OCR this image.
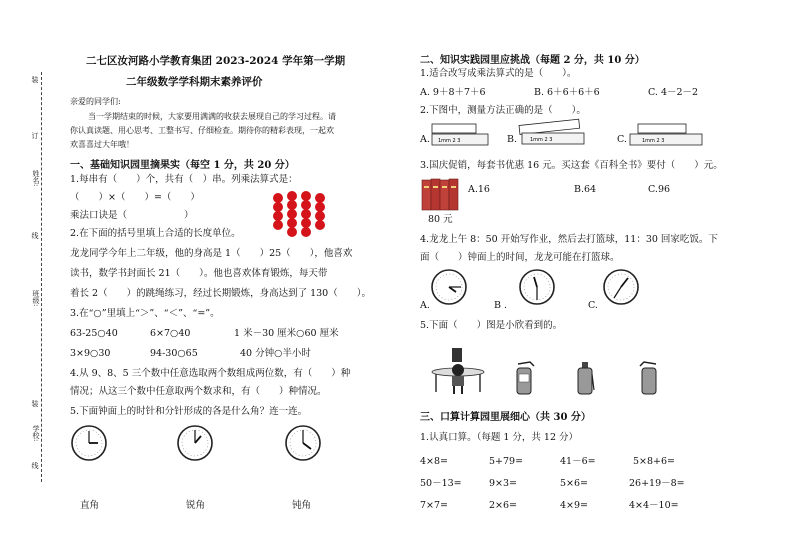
装
订
姓名:
线
班级:
装
学校:
线
二七区汝河路小学教育集团 2023-2024 学年第一学期
二年级数学学科期末素养评价
亲爱的同学们:
当一学期结束的时候，大家要用满满的收获去展现自己的学习过程。请
你认真读题、用心思考、工整书写、仔细检查。期待你的精彩表现，一起欢
欢喜喜过大年哦！
一、基础知识园里摘果实（每空 1 分，共 20 分）
1.每串有（　　）个，共有（　）串。列乘法算式是：
（　　）×（　　）=（　　）
乘法口诀是（　　　　　　）
2.在下面的括号里填上合适的长度单位。
龙龙同学今年上二年级，他的身高是 1（　　）25（　　），他喜欢
读书，数学书封面长 21（　　）。他也喜欢体育锻炼，每天带
着长 2（　　）的跳绳练习，经过长期锻炼，身高达到了 130（　　）。
3.在“○”里填上“＞”、“＜”、“=”。
63-25○40	6×7○40	1 米－30 厘米○60 厘米
3×9○30	94-30○65	40 分钟○半小时
4.从 9、8、5 三个数中任意选取两个数组成两位数，有（　　）种
情况；从这三个数中任意取两个数求和，有（　　）种情况。
5.下面钟面上的时针和分针形成的各是什么角？连一连。
直角	锐角	钝角
二、知识实践园里应挑战（每题 2 分，共 10 分）
1.适合改写成乘法算式的是（　　）。
A. 9＋8＋7＋6	B. 6＋6＋6＋6	C. 4－2－2
2.下图中，测量方法正确的是（　　）。
A. 1mm 2 3	B.	1mm 2 3	C.	1mm 2 3
3.国庆促销，每套书优惠 16 元。买这套《百科全书》要付（　　）元。
80 元
A.16	B.64	C.96
4.龙龙上午 8：50 开始写作业，然后去打篮球，11：30 回家吃饭。下
面（　　）钟面上的时间，龙龙可能在打篮球。
A.	B .	C.
5.下面（　　）图是小欣看到的。
三、口算计算园里展细心（共 30 分）
1.认真口算。（每题 1 分，共 12 分）
4×8=	5+79=	41－6=	5×8+6=
50－13=	9×3=	5×6=	26+19－8=
7×7=	2×6=	4×9=	4×4－10=
